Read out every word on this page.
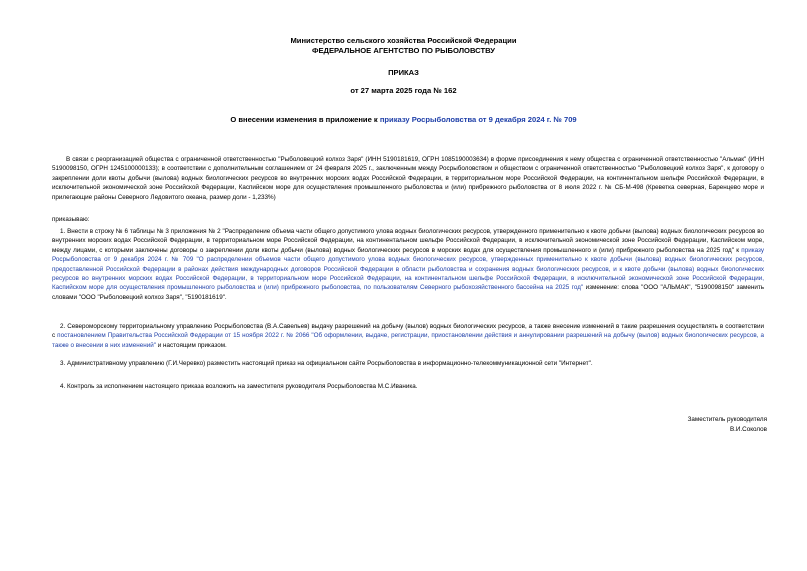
Министерство сельского хозяйства Российской Федерации
ФЕДЕРАЛЬНОЕ АГЕНТСТВО ПО РЫБОЛОВСТВУ
ПРИКАЗ
от 27 марта 2025 года № 162
О внесении изменения в приложение к приказу Росрыболовства от 9 декабря 2024 г. № 709
В связи с реорганизацией общества с ограниченной ответственностью "Рыболовецкий колхоз Заря" (ИНН 5190181619, ОГРН 1085190003634) в форме присоединения к нему общества с ограниченной ответственностью "Альмак" (ИНН 5190098150, ОГРН 1245100000133); в соответствии с дополнительным соглашением от 24 февраля 2025 г., заключенным между Росрыболовством и обществом с ограниченной ответственностью "Рыболовецкий колхоз Заря", к договору о закреплении доли квоты добычи (вылова) водных биологических ресурсов во внутренних морских водах Российской Федерации, в территориальном море Российской Федерации, на континентальном шельфе Российской Федерации, в исключительной экономической зоне Российской Федерации, Каспийском море для осуществления промышленного рыболовства и (или) прибрежного рыболовства от 8 июля 2022 г. № СБ-М-498 (Креветка северная, Баренцево море и прилегающие районы Северного Ледовитого океана, размер доли - 1,233%)
приказываю:
1. Внести в строку № 6 таблицы № 3 приложения № 2 "Распределение объема части общего допустимого улова водных биологических ресурсов, утвержденного применительно к квоте добычи (вылова) водных биологических ресурсов во внутренних морских водах Российской Федерации, в территориальном море Российской Федерации, на континентальном шельфе Российской Федерации, в исключительной экономической зоне Российской Федерации, Каспийском море, между лицами, с которыми заключены договоры о закреплении доли квоты добычи (вылова) водных биологических ресурсов в морских водах для осуществления промышленного и (или) прибрежного рыболовства на 2025 год" к приказу Росрыболовства от 9 декабря 2024 г. № 709 "О распределении объемов части общего допустимого улова водных биологических ресурсов, утвержденных применительно к квоте добычи (вылова) водных биологических ресурсов, предоставленной Российской Федерации в районах действия международных договоров Российской Федерации в области рыболовства и сохранения водных биологических ресурсов, и к квоте добычи (вылова) водных биологических ресурсов во внутренних морских водах Российской Федерации, в территориальном море Российской Федерации, на континентальном шельфе Российской Федерации, в исключительной экономической зоне Российской Федерации, Каспийском море для осуществления промышленного рыболовства и (или) прибрежного рыболовства, по пользователям Северного рыбохозяйственного бассейна на 2025 год" изменение: слова "ООО "АЛЬМАК", "5190098150" заменить словами "ООО "Рыболовецкий колхоз Заря", "5190181619".
2. Североморскому территориальному управлению Росрыболовства (В.А.Савельев) выдачу разрешений на добычу (вылов) водных биологических ресурсов, а также внесение изменений в такие разрешения осуществлять в соответствии с постановлением Правительства Российской Федерации от 15 ноября 2022 г. № 2066 "Об оформлении, выдаче, регистрации, приостановлении действия и аннулировании разрешений на добычу (вылов) водных биологических ресурсов, а также о внесении в них изменений" и настоящим приказом.
3. Административному управлению (Г.И.Черевко) разместить настоящий приказ на официальном сайте Росрыболовства в информационно-телекоммуникационной сети "Интернет".
4. Контроль за исполнением настоящего приказа возложить на заместителя руководителя Росрыболовства М.С.Иваника.
Заместитель руководителя
В.И.Соколов
